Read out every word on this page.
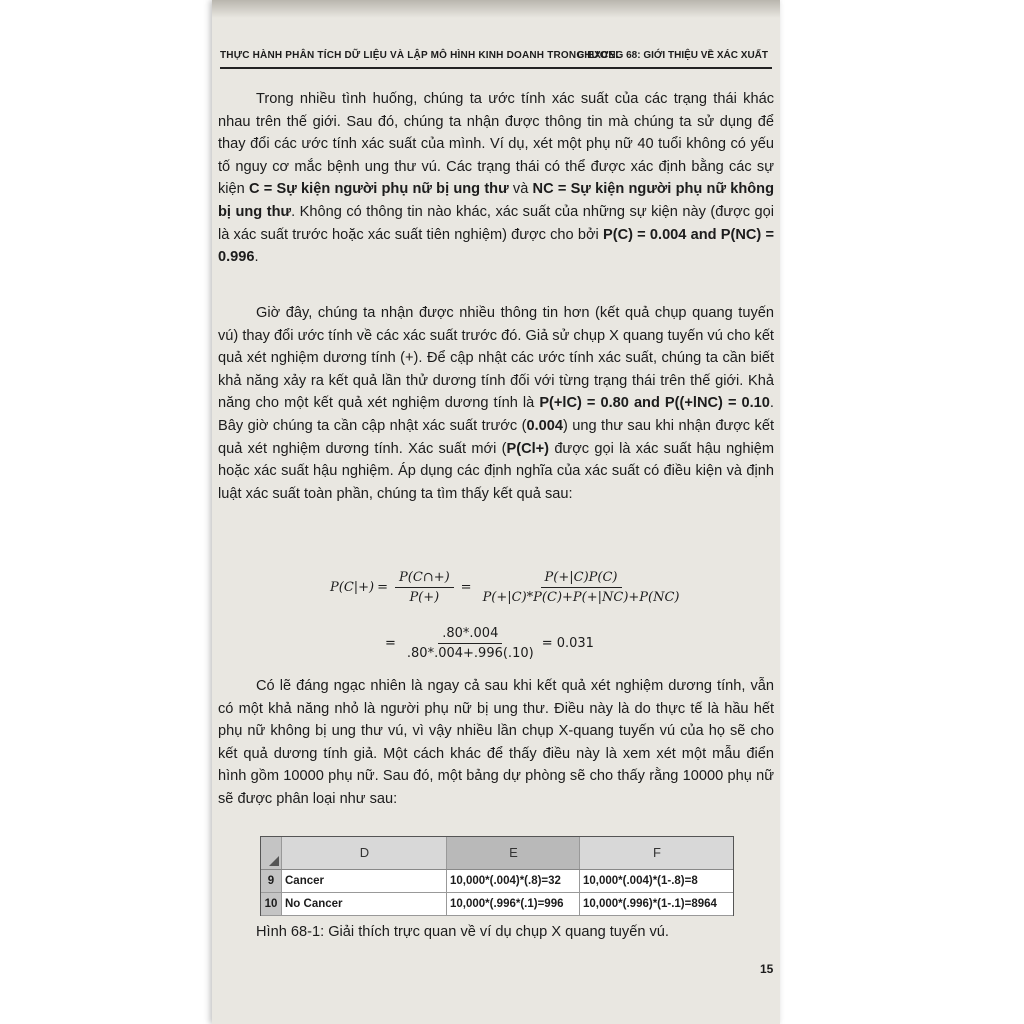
THỰC HÀNH PHÂN TÍCH DỮ LIỆU VÀ LẬP MÔ HÌNH KINH DOANH TRONG EXCEL
CHƯƠNG 68: GIỚI THIỆU VỀ XÁC XUẤT

Trong nhiều tình huống, chúng ta ước tính xác suất của các trạng thái khác nhau trên thế giới. Sau đó, chúng ta nhận được thông tin mà chúng ta sử dụng để thay đổi các ước tính xác suất của mình. Ví dụ, xét một phụ nữ 40 tuổi không có yếu tố nguy cơ mắc bệnh ung thư vú. Các trạng thái có thể được xác định bằng các sự kiện C = Sự kiện người phụ nữ bị ung thư và NC = Sự kiện người phụ nữ không bị ung thư. Không có thông tin nào khác, xác suất của những sự kiện này (được gọi là xác suất trước hoặc xác suất tiên nghiệm) được cho bởi P(C) = 0.004 and P(NC) = 0.996.

Giờ đây, chúng ta nhận được nhiều thông tin hơn (kết quả chụp quang tuyến vú) thay đổi ước tính về các xác suất trước đó. Giả sử chụp X quang tuyến vú cho kết quả xét nghiệm dương tính (+). Để cập nhật các ước tính xác suất, chúng ta cần biết khả năng xảy ra kết quả lần thử dương tính đối với từng trạng thái trên thế giới. Khả năng cho một kết quả xét nghiệm dương tính là P(+lC) = 0.80 and P((+lNC) = 0.10. Bây giờ chúng ta cần cập nhật xác suất trước (0.004) ung thư sau khi nhận được kết quả xét nghiệm dương tính. Xác suất mới (P(Cl+) được gọi là xác suất hậu nghiệm hoặc xác suất hậu nghiệm. Áp dụng các định nghĩa của xác suất có điều kiện và định luật xác suất toàn phần, chúng ta tìm thấy kết quả sau:

$P(C|+) = \frac{P(C\cap+)}{P(+)} = \frac{P(+|C)P(C)}{P(+|C)*P(C)+P(+|NC)+P(NC)}$
= $\frac{.80*.004}{.80*.004+.996(.10)} = 0.031$

Có lẽ đáng ngạc nhiên là ngay cả sau khi kết quả xét nghiệm dương tính, vẫn có một khả năng nhỏ là người phụ nữ bị ung thư. Điều này là do thực tế là hầu hết phụ nữ không bị ung thư vú, vì vậy nhiều lần chụp X-quang tuyến vú của họ sẽ cho kết quả dương tính giả. Một cách khác để thấy điều này là xem xét một mẫu điển hình gồm 10000 phụ nữ. Sau đó, một bảng dự phòng sẽ cho thấy rằng 10000 phụ nữ sẽ được phân loại như sau:

D	E	F
9 Cancer	10,000*(.004)*(.8)=32	10,000*(.004)*(1-.8)=8
10 No Cancer	10,000*(.996*(.1)=996	10,000*(.996)*(1-.1)=8964
Hình 68-1: Giải thích trực quan về ví dụ chụp X quang tuyến vú.
15
